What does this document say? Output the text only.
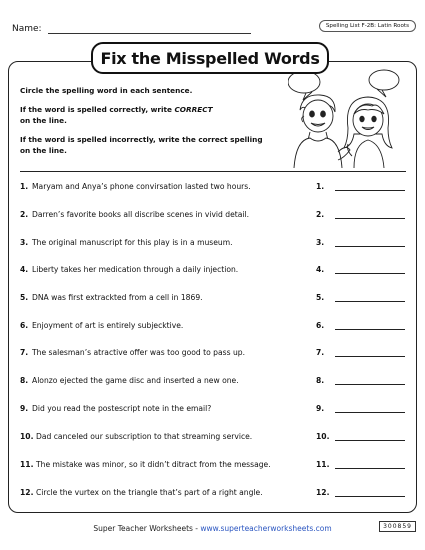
Name:	Spelling List F-2B: Latin Roots
Fix the Misspelled Words

Circle the spelling word in each sentence.

If the word is spelled correctly, write CORRECT
on the line.

If the word is spelled incorrectly, write the correct spelling on the line.

1. Maryam and Anya’s phone convirsation lasted two hours.	1.
2. Darren’s favorite books all discribe scenes in vivid detail.	2.
3. The original manuscript for this play is in a museum.	3.
4. Liberty takes her medication through a daily injection.	4.
5. DNA was first extrackted from a cell in 1869.	5.
6. Enjoyment of art is entirely subjecktive.	6.
7. The salesman’s atractive offer was too good to pass up.	7.
8. Alonzo ejected the game disc and inserted a new one.	8.
9. Did you read the postescript note in the email?	9.
10. Dad canceled our subscription to that streaming service.	10.
11. The mistake was minor, so it didn’t ditract from the message.	11.
12. Circle the vurtex on the triangle that’s part of a right angle.	12.
Super Teacher Worksheets - www.superteacherworksheets.com	300859
